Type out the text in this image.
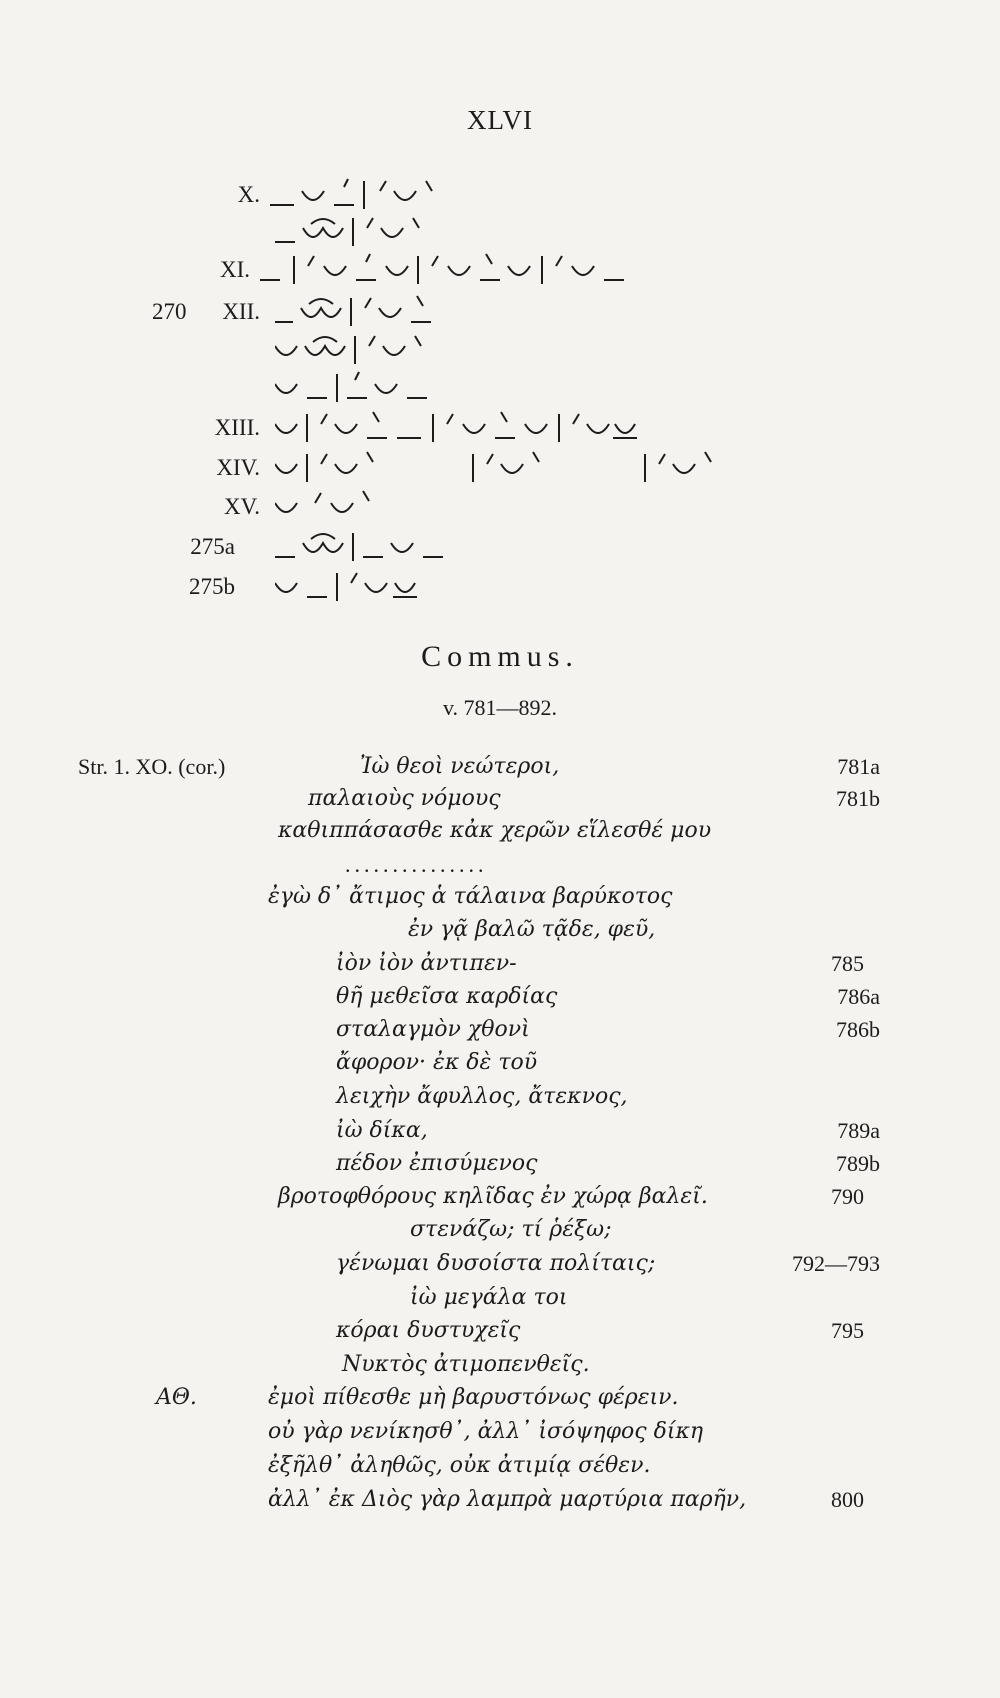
XLVI
X.
XI.
270	XII.
XIII.
XIV.
XV.
275a
275b
Commus.
v. 781—892.
Str. 1. XO. (cor.)	Ἰὼ θεοὶ νεώτεροι,	781a
παλαιοὺς νόμους	781b
καθιππάσασθε κἀκ χερῶν εἵλεσθέ μου
...............
ἐγὼ δ᾽ ἄτιμος ἁ τάλαινα βαρύκοτος
ἐν γᾷ βαλῶ τᾷδε, φεῦ,
ἰὸν ἰὸν ἀντιπεν-	785
θῆ μεθεῖσα καρδίας	786a
σταλαγμὸν χθονὶ	786b
ἄφορον· ἐκ δὲ τοῦ
λειχὴν ἄφυλλος, ἄτεκνος,
ἰὼ δίκα,	789a
πέδον ἐπισύμενος	789b
βροτοφθόρους κηλῖδας ἐν χώρᾳ βαλεῖ.	790
στενάζω; τί ῥέξω;
γένωμαι δυσοίστα πολίταις;	792—793
ἰὼ μεγάλα τοι
κόραι δυστυχεῖς	795
Νυκτὸς ἀτιμοπενθεῖς.
ΑΘ.	ἐμοὶ πίθεσθε μὴ βαρυστόνως φέρειν.
οὐ γὰρ νενίκησθ᾽, ἀλλ᾽ ἰσόψηφος δίκη
ἐξῆλθ᾽ ἀληθῶς, οὐκ ἀτιμίᾳ σέθεν.
ἀλλ᾽ ἐκ Διὸς γὰρ λαμπρὰ μαρτύρια παρῆν,	800
